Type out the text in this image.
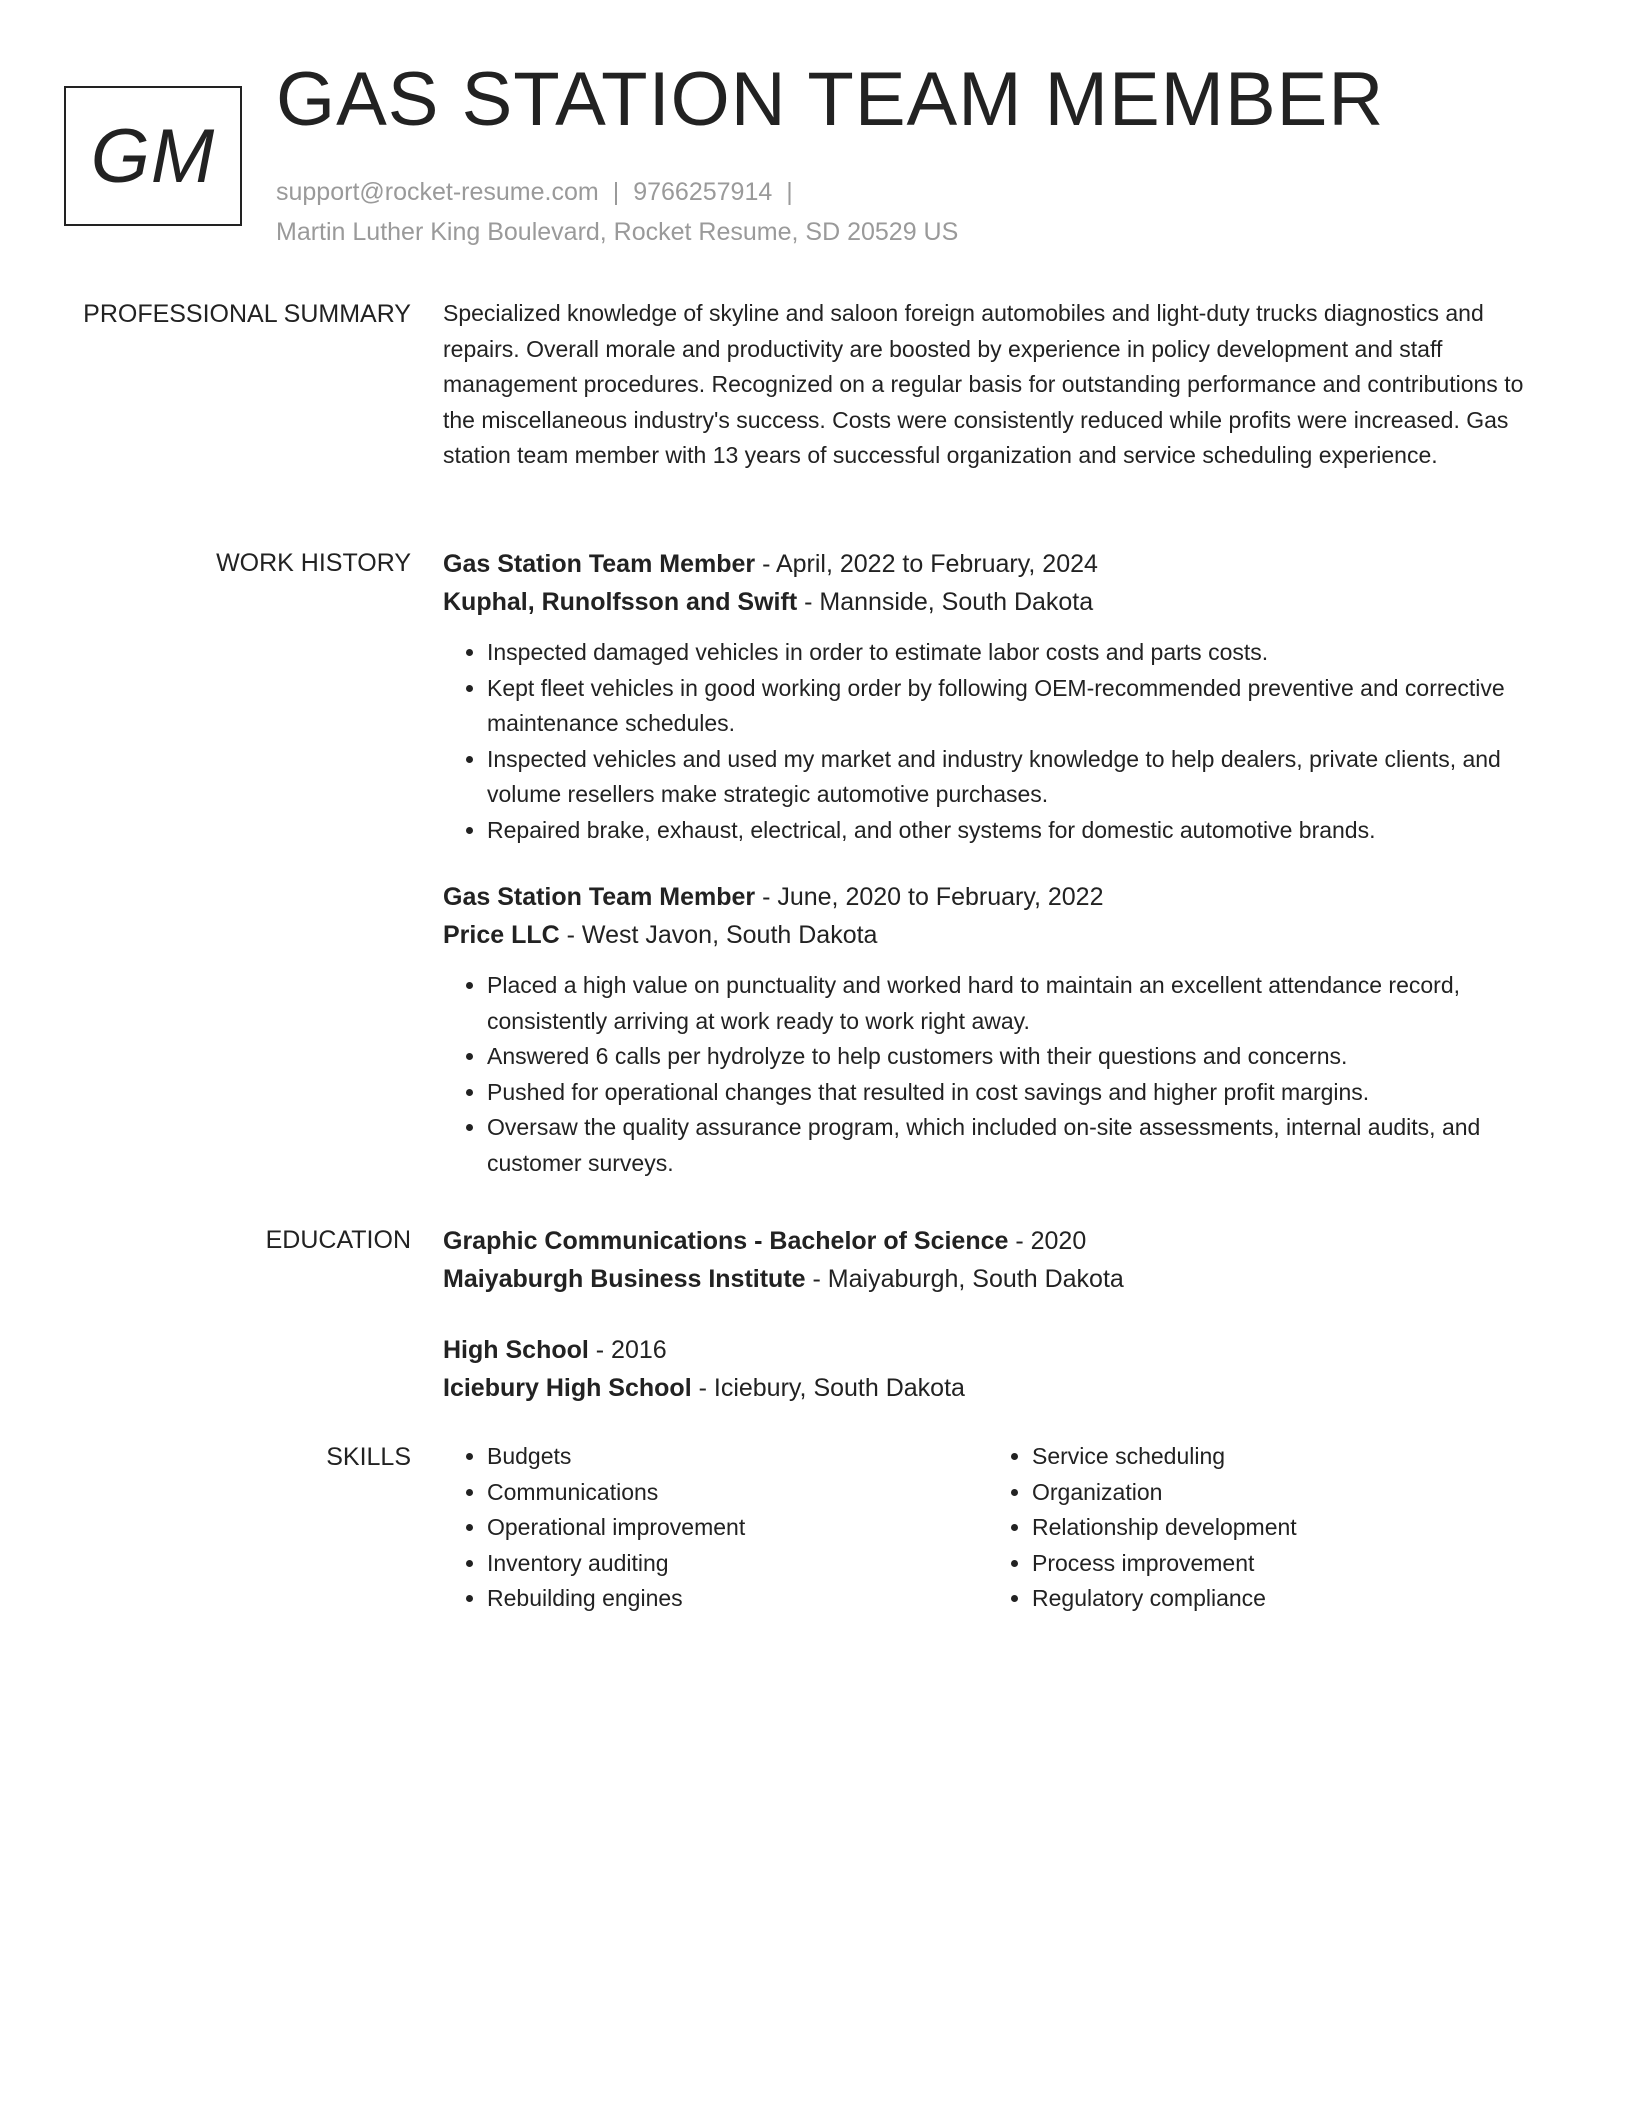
GM
GAS STATION TEAM MEMBER
support@rocket-resume.com | 9766257914 |
Martin Luther King Boulevard, Rocket Resume, SD 20529 US
PROFESSIONAL SUMMARY Specialized knowledge of skyline and saloon foreign automobiles and light-duty trucks diagnostics and repairs. Overall morale and productivity are boosted by experience in policy development and staff management procedures. Recognized on a regular basis for outstanding performance and contributions to the miscellaneous industry's success. Costs were consistently reduced while profits were increased. Gas station team member with 13 years of successful organization and service scheduling experience.

WORK HISTORY Gas Station Team Member - April, 2022 to February, 2024

Kuphal, Runolfsson and Swift - Mannside, South Dakota

• Inspected damaged vehicles in order to estimate labor costs and parts costs.
• Kept fleet vehicles in good working order by following OEM-recommended preventive and corrective maintenance schedules.
• Inspected vehicles and used my market and industry knowledge to help dealers, private clients, and volume resellers make strategic automotive purchases.
• Repaired brake, exhaust, electrical, and other systems for domestic automotive brands.

Gas Station Team Member - June, 2020 to February, 2022

Price LLC - West Javon, South Dakota

• Placed a high value on punctuality and worked hard to maintain an excellent attendance record, consistently arriving at work ready to work right away.
• Answered 6 calls per hydrolyze to help customers with their questions and concerns.
• Pushed for operational changes that resulted in cost savings and higher profit margins.
• Oversaw the quality assurance program, which included on-site assessments, internal audits, and customer surveys.
EDUCATION Graphic Communications - Bachelor of Science - 2020

Maiyaburgh Business Institute - Maiyaburgh, South Dakota

High School - 2016

Iciebury High School - Iciebury, South Dakota

SKILLS
•	Budgets
• Communications
• Operational improvement
• Inventory auditing
• Rebuilding engines
• Service scheduling
• Organization
• Relationship development
• Process improvement
• Regulatory compliance
